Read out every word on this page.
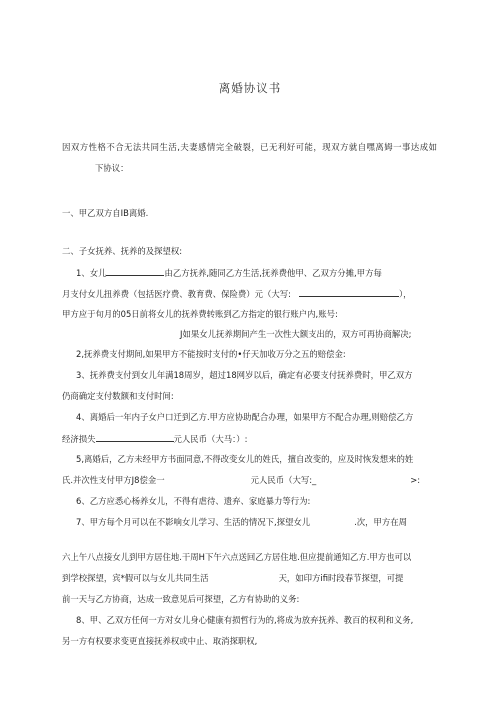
离婚协议书
因双方性格不合无法共同生活,夫妻感情完全破裂，已无利好可能，现双方就自嘿离姆一事达成如
下协议：
一、甲乙双方自IB离婚.
二、子女抚养、抚养的及探望权:
1、女儿	由乙方抚养,随同乙方生活,抚养费他甲、乙双方分摊,甲方每
月支付女儿扭养费（包括医疗费、教育费、保险费）元（大写:	），
甲方应于旬月的05日前将女儿的抚养费转账到乙方指定的银行账户内,账号:
J如果女儿抚养期间产生一次性大额支出的，双方可再协商解决;
2,抚养费支付期间,如果甲方不能按时支付的•仔天加收万分之五的赔偿金:
3、抚养费支付到女儿年满18周岁，超过18网岁以后，确定有必要支付抚养费时，甲乙双方
仍商确定支付数额和支付时间:
4、离婚后一年内子女户口迁到乙方.甲方应协助配合办理，如果甲方不配合办理,则赔偿乙方
经济损失	元人民币（大马：）:
5,离婚后，乙方未经甲方书面同意,不得改变女儿的姓氏，擅自改变的，应及时恢发想来的姓
氏.并次性支付甲方J8偿金一	元人民币（大写:_	>:
6、乙方应悉心杨养女儿，不得有虐待、遗弃、家庭暴力等行为:
7、甲方每个月可以在不影响女儿学习、生活的情况下,探望女儿	.次，甲方在周
六上午八点接女儿到甲方居住地.干周H下午六点送回乙方居住地.但应提前通知乙方.甲方也可以
到学校探望，宾*假可以与女儿共同生活	天，如印方ifi时段春节探望，可提
前一天与乙方协商，达成一致意见后可探望，乙方有协助的义务:
8、甲、乙双方任何一方对女儿身心健康有损哲行为的,将成为放弃抚养、教百的权利和义务,
另一方有权要求变更直接抚养权或中止、取消探职权,
